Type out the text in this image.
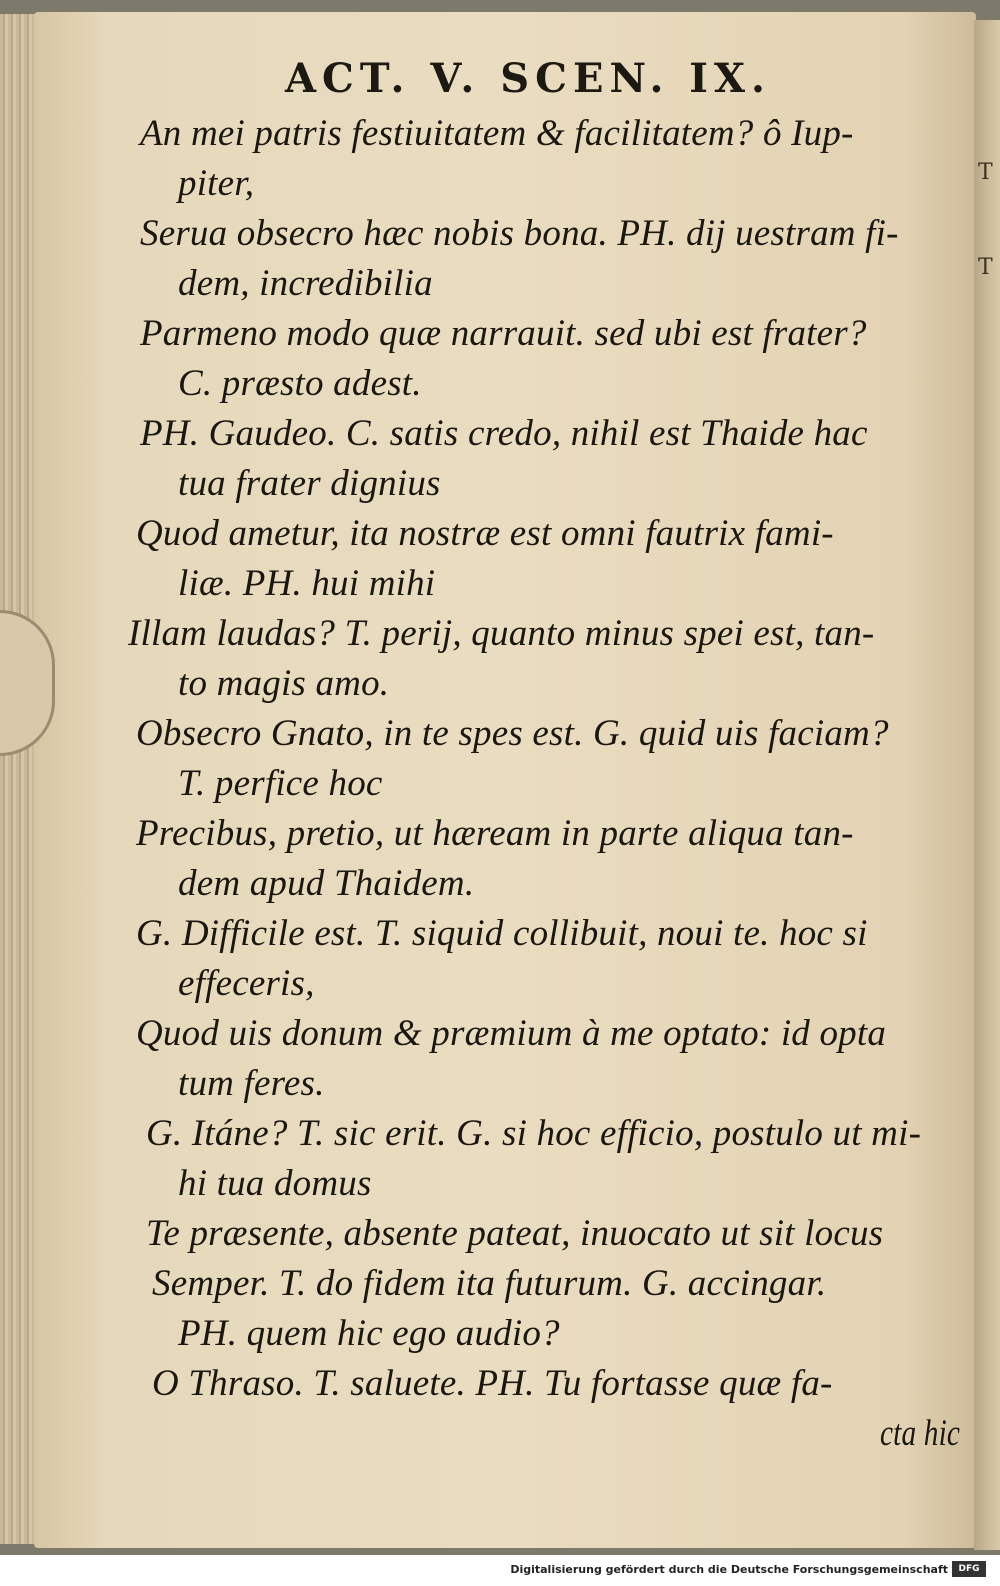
T
T
ACT. V. SCEN. IX.
An mei patris festiuitatem & facilitatem? ô Iup-
piter,
Serua obsecro hæc nobis bona. PH. dij uestram fi-
dem, incredibilia
Parmeno modo quæ narrauit. sed ubi est frater?
C. præsto adest.
PH. Gaudeo. C. satis credo, nihil est Thaide hac
tua frater dignius
Quod ametur, ita nostræ est omni fautrix fami-
liæ. PH. hui mihi
Illam laudas? T. perij, quanto minus spei est, tan-
to magis amo.
Obsecro Gnato, in te spes est. G. quid uis faciam?
T. perfice hoc
Precibus, pretio, ut hæream in parte aliqua tan-
dem apud Thaidem.
G. Difficile est. T. siquid collibuit, noui te. hoc si
effeceris,
Quod uis donum & præmium à me optato: id opta
tum feres.
G. Itáne? T. sic erit. G. si hoc efficio, postulo ut mi-
hi tua domus
Te præsente, absente pateat, inuocato ut sit locus
Semper. T. do fidem ita futurum. G. accingar.
PH. quem hic ego audio?
O Thraso. T. saluete. PH. Tu fortasse quæ fa-
cta hic
Digitalisierung gefördert durch die Deutsche Forschungsgemeinschaft	DFG
